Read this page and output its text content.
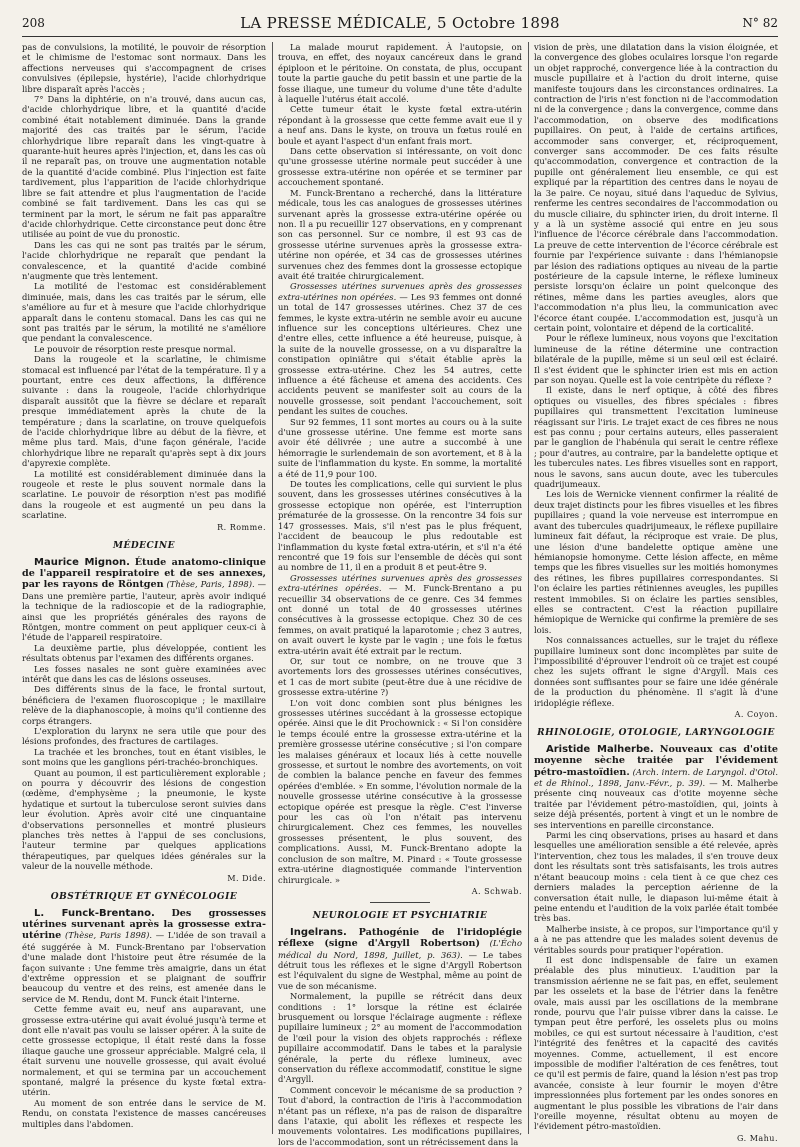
208	LA PRESSE MÉDICALE, 5 Octobre 1898	N° 82

pas de convulsions, la motilité, le pouvoir de résorption et le chimisme de l'estomac sont normaux. Dans les affections nerveuses qui s'accompagnent de crises convulsives (épilepsie, hystérie), l'acide chlorhydrique libre disparaît après l'accès ;

7° Dans la diphtérie, on n'a trouvé, dans aucun cas, d'acide chlorhydrique libre, et la quantité d'acide combiné était notablement diminuée. Dans la grande majorité des cas traités par le sérum, l'acide chlorhydrique libre reparaît dans les vingt-quatre à quarante-huit heures après l'injection, et, dans les cas où il ne reparaît pas, on trouve une augmentation notable de la quantité d'acide combiné. Plus l'injection est faite tardivement, plus l'apparition de l'acide chlorhydrique libre se fait attendre et plus l'augmentation de l'acide combiné se fait tardivement. Dans les cas qui se terminent par la mort, le sérum ne fait pas apparaître d'acide chlorhydrique. Cette circonstance peut donc être utilisée au point de vue du pronostic.

Dans les cas qui ne sont pas traités par le sérum, l'acide chlorhydrique ne reparaît que pendant la convalescence, et la quantité d'acide combiné n'augmente que très lentement.

La motilité de l'estomac est considérablement diminuée, mais, dans les cas traités par le sérum, elle s'améliore au fur et à mesure que l'acide chlorhydrique apparaît dans le contenu stomacal. Dans les cas qui ne sont pas traités par le sérum, la motilité ne s'améliore que pendant la convalescence.

Le pouvoir de résorption reste presque normal.

Dans la rougeole et la scarlatine, le chimisme stomacal est influencé par l'état de la température. Il y a pourtant, entre ces deux affections, la différence suivante : dans la rougeole, l'acide chlorhydrique disparaît aussitôt que la fièvre se déclare et reparaît presque immédiatement après la chute de la température ; dans la scarlatine, on trouve quelquefois de l'acide chlorhydrique libre au début de la fièvre, et même plus tard. Mais, d'une façon générale, l'acide chlorhydrique libre ne reparaît qu'après sept à dix jours d'apyrexie complète.

La motilité est considérablement diminuée dans la rougeole et reste le plus souvent normale dans la scarlatine. Le pouvoir de résorption n'est pas modifié dans la rougeole et est augmenté un peu dans la scarlatine.

R. Romme.
MÉDECINE

Maurice Mignon. Étude anatomo-clinique de l'appareil respiratoire et de ses annexes, par les rayons de Röntgen (Thèse, Paris, 1898). — Dans une première partie, l'auteur, après avoir indiqué la technique de la radioscopie et de la radiographie, ainsi que les propriétés générales des rayons de Röntgen, montre comment on peut appliquer ceux-ci à l'étude de l'appareil respiratoire.

La deuxième partie, plus développée, contient les résultats obtenus par l'examen des différents organes.

Les fosses nasales ne sont guère examinées avec intérêt que dans les cas de lésions osseuses.

Des différents sinus de la face, le frontal surtout, bénéficiera de l'examen fluoroscopique ; le maxillaire relève de la diaphanoscopie, à moins qu'il contienne des corps étrangers.

L'exploration du larynx ne sera utile que pour des lésions profondes, des fractures de cartilages.

La trachée et les bronches, tout en étant visibles, le sont moins que les ganglions péri-trachéo-bronchiques.

Quant au poumon, il est particulièrement explorable ; on pourra y découvrir des lésions de congestion (œdème, d'emphysème ; la pneumonie, le kyste hydatique et surtout la tuberculose seront suivies dans leur évolution. Après avoir cité une cinquantaine d'observations personnelles et montré plusieurs planches très nettes à l'appui de ses conclusions, l'auteur termine par quelques applications thérapeutiques, par quelques idées générales sur la valeur de la nouvelle méthode.

M. Dide.
OBSTÉTRIQUE ET GYNÉCOLOGIE

L. Funck-Brentano. Des grossesses utérines survenant après la grossesse extra-utérine (Thèse, Paris 1898). — L'idée de son travail a été suggérée à M. Funck-Brentano par l'observation d'une malade dont l'histoire peut être résumée de la façon suivante : Une femme très amaigrie, dans un état d'extrême oppression et se plaignant de souffrir beaucoup du ventre et des reins, est amenée dans le service de M. Rendu, dont M. Funck était l'interne.

Cette femme avait eu, neuf ans auparavant, une grossesse extra-utérine qui avait évolué jusqu'à terme et dont elle n'avait pas voulu se laisser opérer. À la suite de cette grossesse ectopique, il était resté dans la fosse iliaque gauche une grosseur appréciable. Malgré cela, il était survenu une nouvelle grossesse, qui avait évolué normalement, et qui se termina par un accouchement spontané, malgré la présence du kyste fœtal extra-utérin.

Au moment de son entrée dans le service de M. Rendu, on constata l'existence de masses cancéreuses multiples dans l'abdomen.

La malade mourut rapidement. À l'autopsie, on trouva, en effet, des noyaux cancéreux dans le grand épiploon et le péritoine. On constata, de plus, occupant toute la partie gauche du petit bassin et une partie de la fosse iliaque, une tumeur du volume d'une tête d'adulte à laquelle l'utérus était accolé.

Cette tumeur était le kyste fœtal extra-utérin répondant à la grossesse que cette femme avait eue il y a neuf ans. Dans le kyste, on trouva un fœtus roulé en boule et ayant l'aspect d'un enfant frais mort.

Dans cette observation si intéressante, on voit donc qu'une grossesse utérine normale peut succéder à une grossesse extra-utérine non opérée et se terminer par accouchement spontané.

M. Funck-Brentano a recherché, dans la littérature médicale, tous les cas analogues de grossesses utérines survenant après la grossesse extra-utérine opérée ou non. Il a pu recueillir 127 observations, en y comprenant son cas personnel. Sur ce nombre, il est 93 cas de grossesse utérine survenues après la grossesse extra-utérine non opérée, et 34 cas de grossesses utérines survenues chez des femmes dont la grossesse ectopique avait été traitée chirurgicalement.

Grossesses utérines survenues après des grossesses extra-utérines non opérées. — Les 93 femmes ont donné un total de 147 grossesses utérines. Chez 37 de ces femmes, le kyste extra-utérin ne semble avoir eu aucune influence sur les conceptions ultérieures. Chez une d'entre elles, cette influence a été heureuse, puisque, à la suite de la nouvelle grossesse, on a vu disparaître la constipation opiniâtre qui s'était établie après la grossesse extra-utérine. Chez les 54 autres, cette influence a été fâcheuse et amena des accidents. Ces accidents peuvent se manifester soit au cours de la nouvelle grossesse, soit pendant l'accouchement, soit pendant les suites de couches.

Sur 92 femmes, 11 sont mortes au cours ou à la suite d'une grossesse utérine. Une femme est morte sans avoir été délivrée ; une autre a succombé à une hémorragie le surlendemain de son avortement, et 8 à la suite de l'inflammation du kyste. En somme, la mortalité a été de 11,9 pour 100.

De toutes les complications, celle qui survient le plus souvent, dans les grossesses utérines consécutives à la grossesse ectopique non opérée, est l'interruption prématurée de la grossesse. On la rencontre 34 fois sur 147 grossesses. Mais, s'il n'est pas le plus fréquent, l'accident de beaucoup le plus redoutable est l'inflammation du kyste fœtal extra-utérin, et s'il n'a été rencontré que 19 fois sur l'ensemble de décès qui sont au nombre de 11, il en a produit 8 et peut-être 9.

Grossesses utérines survenues après des grossesses extra-utérines opérées. — M. Funck-Brentano a pu recueillir 34 observations de ce genre. Ces 34 femmes ont donné un total de 40 grossesses utérines consécutives à la grossesse ectopique. Chez 30 de ces femmes, on avait pratiqué la laparotomie ; chez 3 autres, on avait ouvert le kyste par le vagin ; une fois le fœtus extra-utérin avait été extrait par le rectum.

Or, sur tout ce nombre, on ne trouve que 3 avortements lors des grossesses utérines consécutives, et 1 cas de mort subite (peut-être due à une récidive de grossesse extra-utérine ?)

L'on voit donc combien sont plus bénignes les grossesses utérines succédant à la grossesse ectopique opérée. Ainsi que le dit Prochownick : « Si l'on considère le temps écoulé entre la grossesse extra-utérine et la première grossesse utérine consécutive ; si l'on compare les malaises généraux et locaux liés à cette nouvelle grossesse, et surtout le nombre des avortements, on voit de combien la balance penche en faveur des femmes opérées d'emblée. » En somme, l'évolution normale de la nouvelle grossesse utérine consécutive à la grossesse ectopique opérée est presque la règle. C'est l'inverse pour les cas où l'on n'était pas intervenu chirurgicalement. Chez ces femmes, les nouvelles grossesses présentent, le plus souvent, des complications. Aussi, M. Funck-Brentano adopte la conclusion de son maître, M. Pinard : « Toute grossesse extra-utérine diagnostiquée commande l'intervention chirurgicale. »

A. Schwab.
NEUROLOGIE ET PSYCHIATRIE

Ingelrans. Pathogénie de l'iridoplégie réflexe (signe d'Argyll Robertson) (L'Écho médical du Nord, 1898, Juillet, p. 363). — Le tabes détruit tous les réflexes et le signe d'Argyll Robertson est l'équivalent du signe de Westphal, même au point de vue de son mécanisme.

Normalement, la pupille se rétrécit dans deux conditions : 1° lorsque la rétine est éclairée brusquement ou lorsque l'éclairage augmente : réflexe pupillaire lumineux ; 2° au moment de l'accommodation de l'œil pour la vision des objets rapprochés : réflexe pupillaire accommodatif. Dans le tabes et la paralysie générale, la perte du réflexe lumineux, avec conservation du réflexe accommodatif, constitue le signe d'Argyll.

Comment concevoir le mécanisme de sa production ? Tout d'abord, la contraction de l'iris à l'accommodation n'étant pas un réflexe, n'a pas de raison de disparaître dans l'ataxie, qui abolit les réflexes et respecte les mouvements volontaires. Les modifications pupillaires, lors de l'accommodation, sont un rétrécissement dans la

vision de près, une dilatation dans la vision éloignée, et la convergence des globes oculaires lorsque l'on regarde un objet rapproché, convergence liée à la contraction du muscle pupillaire et à l'action du droit interne, quise manifeste toujours dans les circonstances ordinaires. La contraction de l'iris n'est fonction ni de l'accommodation ni de la convergence ; dans la convergence, comme dans l'accommodation, on observe des modifications pupillaires. On peut, à l'aide de certains artifices, accommoder sans converger, et, réciproquement, converger sans accommoder. De ces faits résulte qu'accommodation, convergence et contraction de la pupille ont généralement lieu ensemble, ce qui est expliqué par la répartition des centres dans le noyau de la 3e paire. Ce noyau, situé dans l'aqueduc de Sylvius, renferme les centres secondaires de l'accommodation ou du muscle ciliaire, du sphincter irien, du droit interne. Il y a là un système associé qui entre en jeu sous l'influence de l'écorce cérébrale dans l'accommodation. La preuve de cette intervention de l'écorce cérébrale est fournie par l'expérience suivante : dans l'hémianopsie par lésion des radiations optiques au niveau de la partie postérieure de la capsule interne, le réflexe lumineux persiste lorsqu'on éclaire un point quelconque des rétines, même dans les parties aveugles, alors que l'accommodation n'a plus lieu, la communication avec l'écorce étant coupée. L'accommodation est, jusqu'à un certain point, volontaire et dépend de la corticalité.

Pour le réflexe lumineux, nous voyons que l'excitation lumineuse de la rétine détermine une contraction bilatérale de la pupille, même si un seul œil est éclairé. Il s'est évident que le sphincter irien est mis en action par son noyau. Quelle est la voie centripète du réflexe ?

Il existe, dans le nerf optique, à côté des fibres optiques ou visuelles, des fibres spéciales : fibres pupillaires qui transmettent l'excitation lumineuse réagissant sur l'iris. Le trajet exact de ces fibres ne nous est pas connu ; pour certains auteurs, elles passeraient par le ganglion de l'habénula qui serait le centre réflexe ; pour d'autres, au contraire, par la bandelette optique et les tubercules nates. Les fibres visuelles sont en rapport, nous le savons, sans aucun doute, avec les tubercules quadrijumeaux.

Les lois de Wernicke viennent confirmer la réalité de deux trajet distincts pour les fibres visuelles et les fibres pupillaires ; quand la voie nerveuse est interrompue en avant des tubercules quadrijumeaux, le réflexe pupillaire lumineux fait défaut, la réciproque est vraie. De plus, une lésion d'une bandelette optique amène une hémianopsie homonyme. Cette lésion affecte, en même temps que les fibres visuelles sur les moitiés homonymes des rétines, les fibres pupillaires correspondantes. Si l'on éclaire les parties rétiniennes aveugles, les pupilles restent immobiles. Si on éclaire les parties sensibles, elles se contractent. C'est la réaction pupillaire hémiopique de Wernicke qui confirme la première de ses lois.

Nos connaissances actuelles, sur le trajet du réflexe pupillaire lumineux sont donc incomplètes par suite de l'impossibilité d'éprouver l'endroit où ce trajet est coupé chez les sujets offrant le signe d'Argyll. Mais ces données sont suffisantes pour se faire une idée générale de la production du phénomène. Il s'agit là d'une iridoplégie réflexe.

A. Coyon.
RHINOLOGIE, OTOLOGIE, LARYNGOLOGIE

Aristide Malherbe. Nouveaux cas d'otite moyenne sèche traitée par l'évidement pétro-mastoïdien. (Arch. intern. de Laryngol. d'Otol. et de Rhinol., 1898, Janv.-Févr., p. 39). — M. Malherbe présente cinq nouveaux cas d'otite moyenne sèche traitée par l'évidement pétro-mastoïdien, qui, joints à seize déjà présentés, portent à vingt et un le nombre de ses interventions en pareille circonstance.

Parmi les cinq observations, prises au hasard et dans lesquelles une amélioration sensible a été relevée, après l'intervention, chez tous les malades, il s'en trouve deux dont les résultats sont très satisfaisants, les trois autres n'étant beaucoup moins : cela tient à ce que chez ces derniers malades la perception aérienne de la conversation était nulle, le diapason lui-même était à peine entendu et l'audition de la voix parlée était tombée très bas.

Malherbe insiste, à ce propos, sur l'importance qu'il y a à ne pas attendre que les malades soient devenus de véritables sourds pour pratiquer l'opération.

Il est donc indispensable de faire un examen préalable des plus minutieux. L'audition par la transmission aérienne ne se fait pas, en effet, seulement par les osselets et la base de l'étrier dans la fenêtre ovale, mais aussi par les oscillations de la membrane ronde, pourvu que l'air puisse vibrer dans la caisse. Le tympan peut être perforé, les osselets plus ou moins mobiles, ce qui est surtout nécessaire à l'audition, c'est l'intégrité des fenêtres et la capacité des cavités moyennes. Comme, actuellement, il est encore impossible de modifier l'altération de ces fenêtres, tout ce qu'il est permis de faire, quand la lésion n'est pas trop avancée, consiste à leur fournir le moyen d'être impressionnées plus fortement par les ondes sonores en augmentant le plus possible les vibrations de l'air dans l'oreille moyenne, résultat obtenu au moyen de l'évidement pétro-mastoïdien.

G. Mahu.
